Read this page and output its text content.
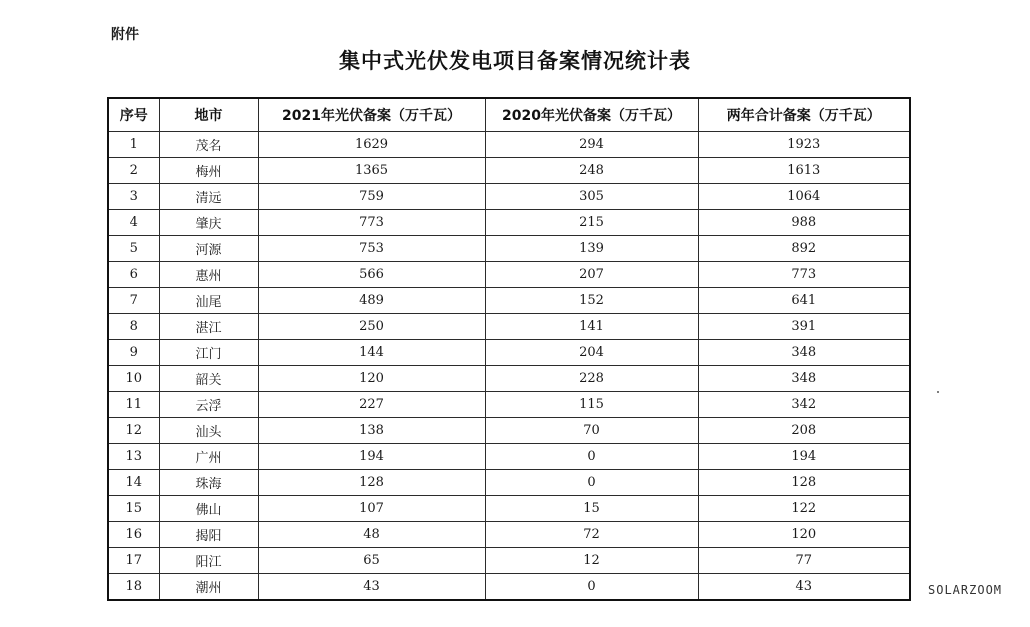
附件
集中式光伏发电项目备案情况统计表
序号	地市	2021年光伏备案（万千瓦）	2020年光伏备案（万千瓦）	两年合计备案（万千瓦）
1	茂名	1629	294	1923
2	梅州	1365	248	1613
3	清远	759	305	1064
4	肇庆	773	215	988
5	河源	753	139	892
6	惠州	566	207	773
7	汕尾	489	152	641
8	湛江	250	141	391
9	江门	144	204	348
10	韶关	120	228	348
11	云浮	227	115	342
12	汕头	138	70	208
13	广州	194	0	194
14	珠海	128	0	128
15	佛山	107	15	122
16	揭阳	48	72	120
17	阳江	65	12	77
18	潮州	43	0	43	SOLARZOOM
